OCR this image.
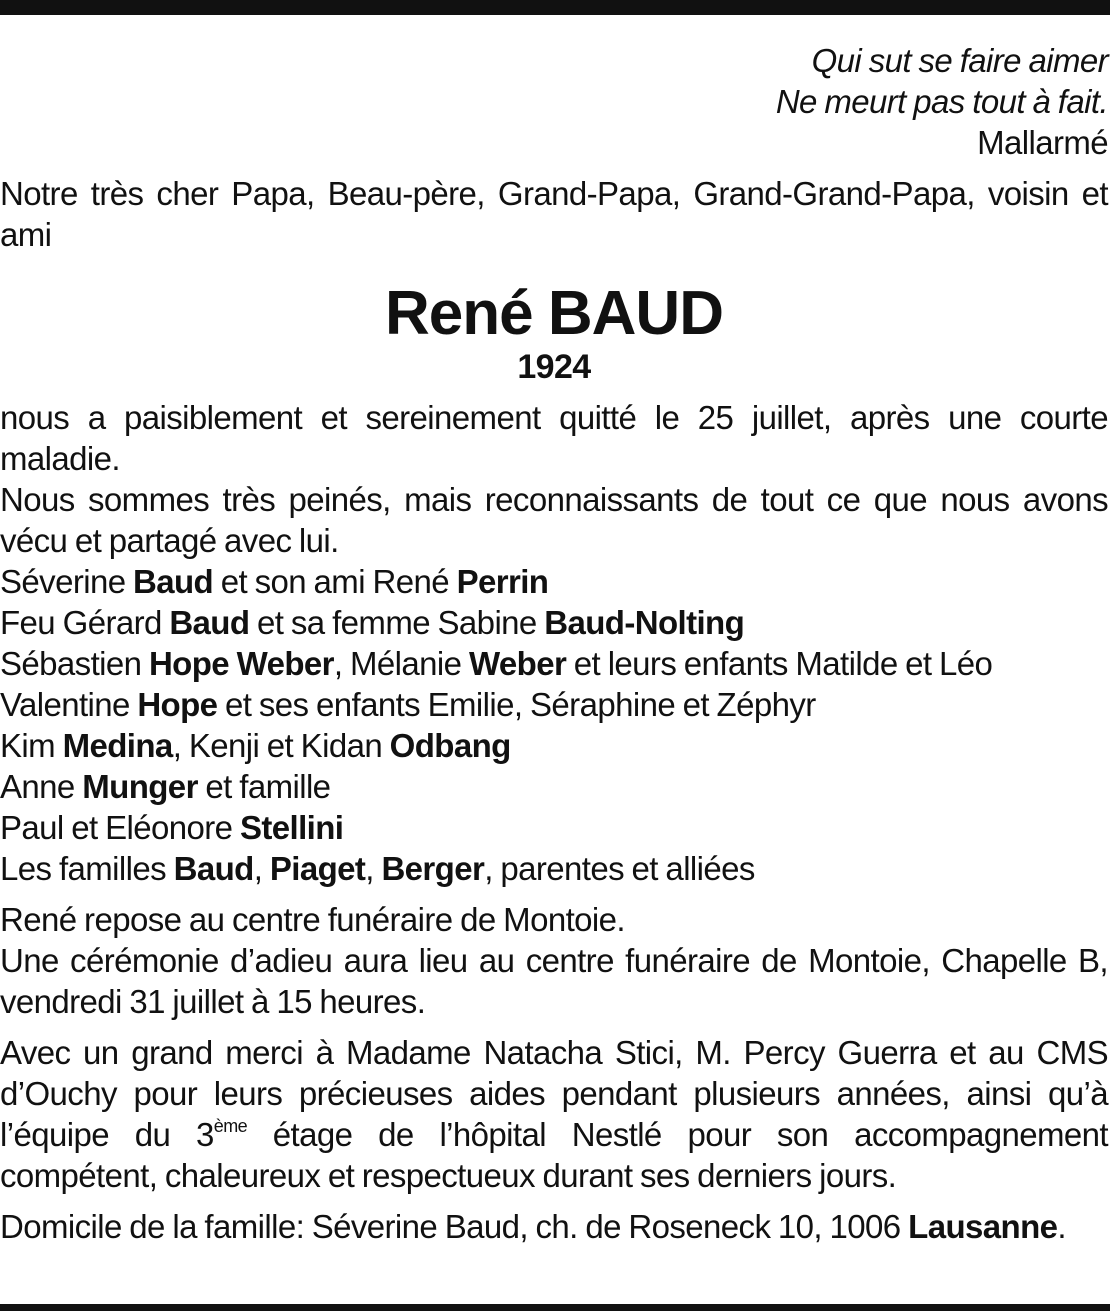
Qui sut se faire aimer
Ne meurt pas tout à fait.
Mallarmé

Notre très cher Papa, Beau-père, Grand-Papa, Grand-Grand-Papa, voisin et ami

René BAUD
1924

nous a paisiblement et sereinement quitté le 25 juillet, après une courte maladie.

Nous sommes très peinés, mais reconnaissants de tout ce que nous avons vécu et partagé avec lui.

Séverine Baud et son ami René Perrin
Feu Gérard Baud et sa femme Sabine Baud-Nolting
Sébastien Hope Weber, Mélanie Weber et leurs enfants Matilde et Léo
Valentine Hope et ses enfants Emilie, Séraphine et Zéphyr
Kim Medina, Kenji et Kidan Odbang
Anne Munger et famille
Paul et Eléonore Stellini
Les familles Baud, Piaget, Berger, parentes et alliées

René repose au centre funéraire de Montoie.

Une cérémonie d’adieu aura lieu au centre funéraire de Montoie, Chapelle B, vendredi 31 juillet à 15 heures.

Avec un grand merci à Madame Natacha Stici, M. Percy Guerra et au CMS d’Ouchy pour leurs précieuses aides pendant plusieurs années, ainsi qu’à l’équipe du 3ème étage de l’hôpital Nestlé pour son accompagnement compétent, chaleureux et respectueux durant ses derniers jours.

Domicile de la famille: Séverine Baud, ch. de Roseneck 10, 1006 Lausanne.
